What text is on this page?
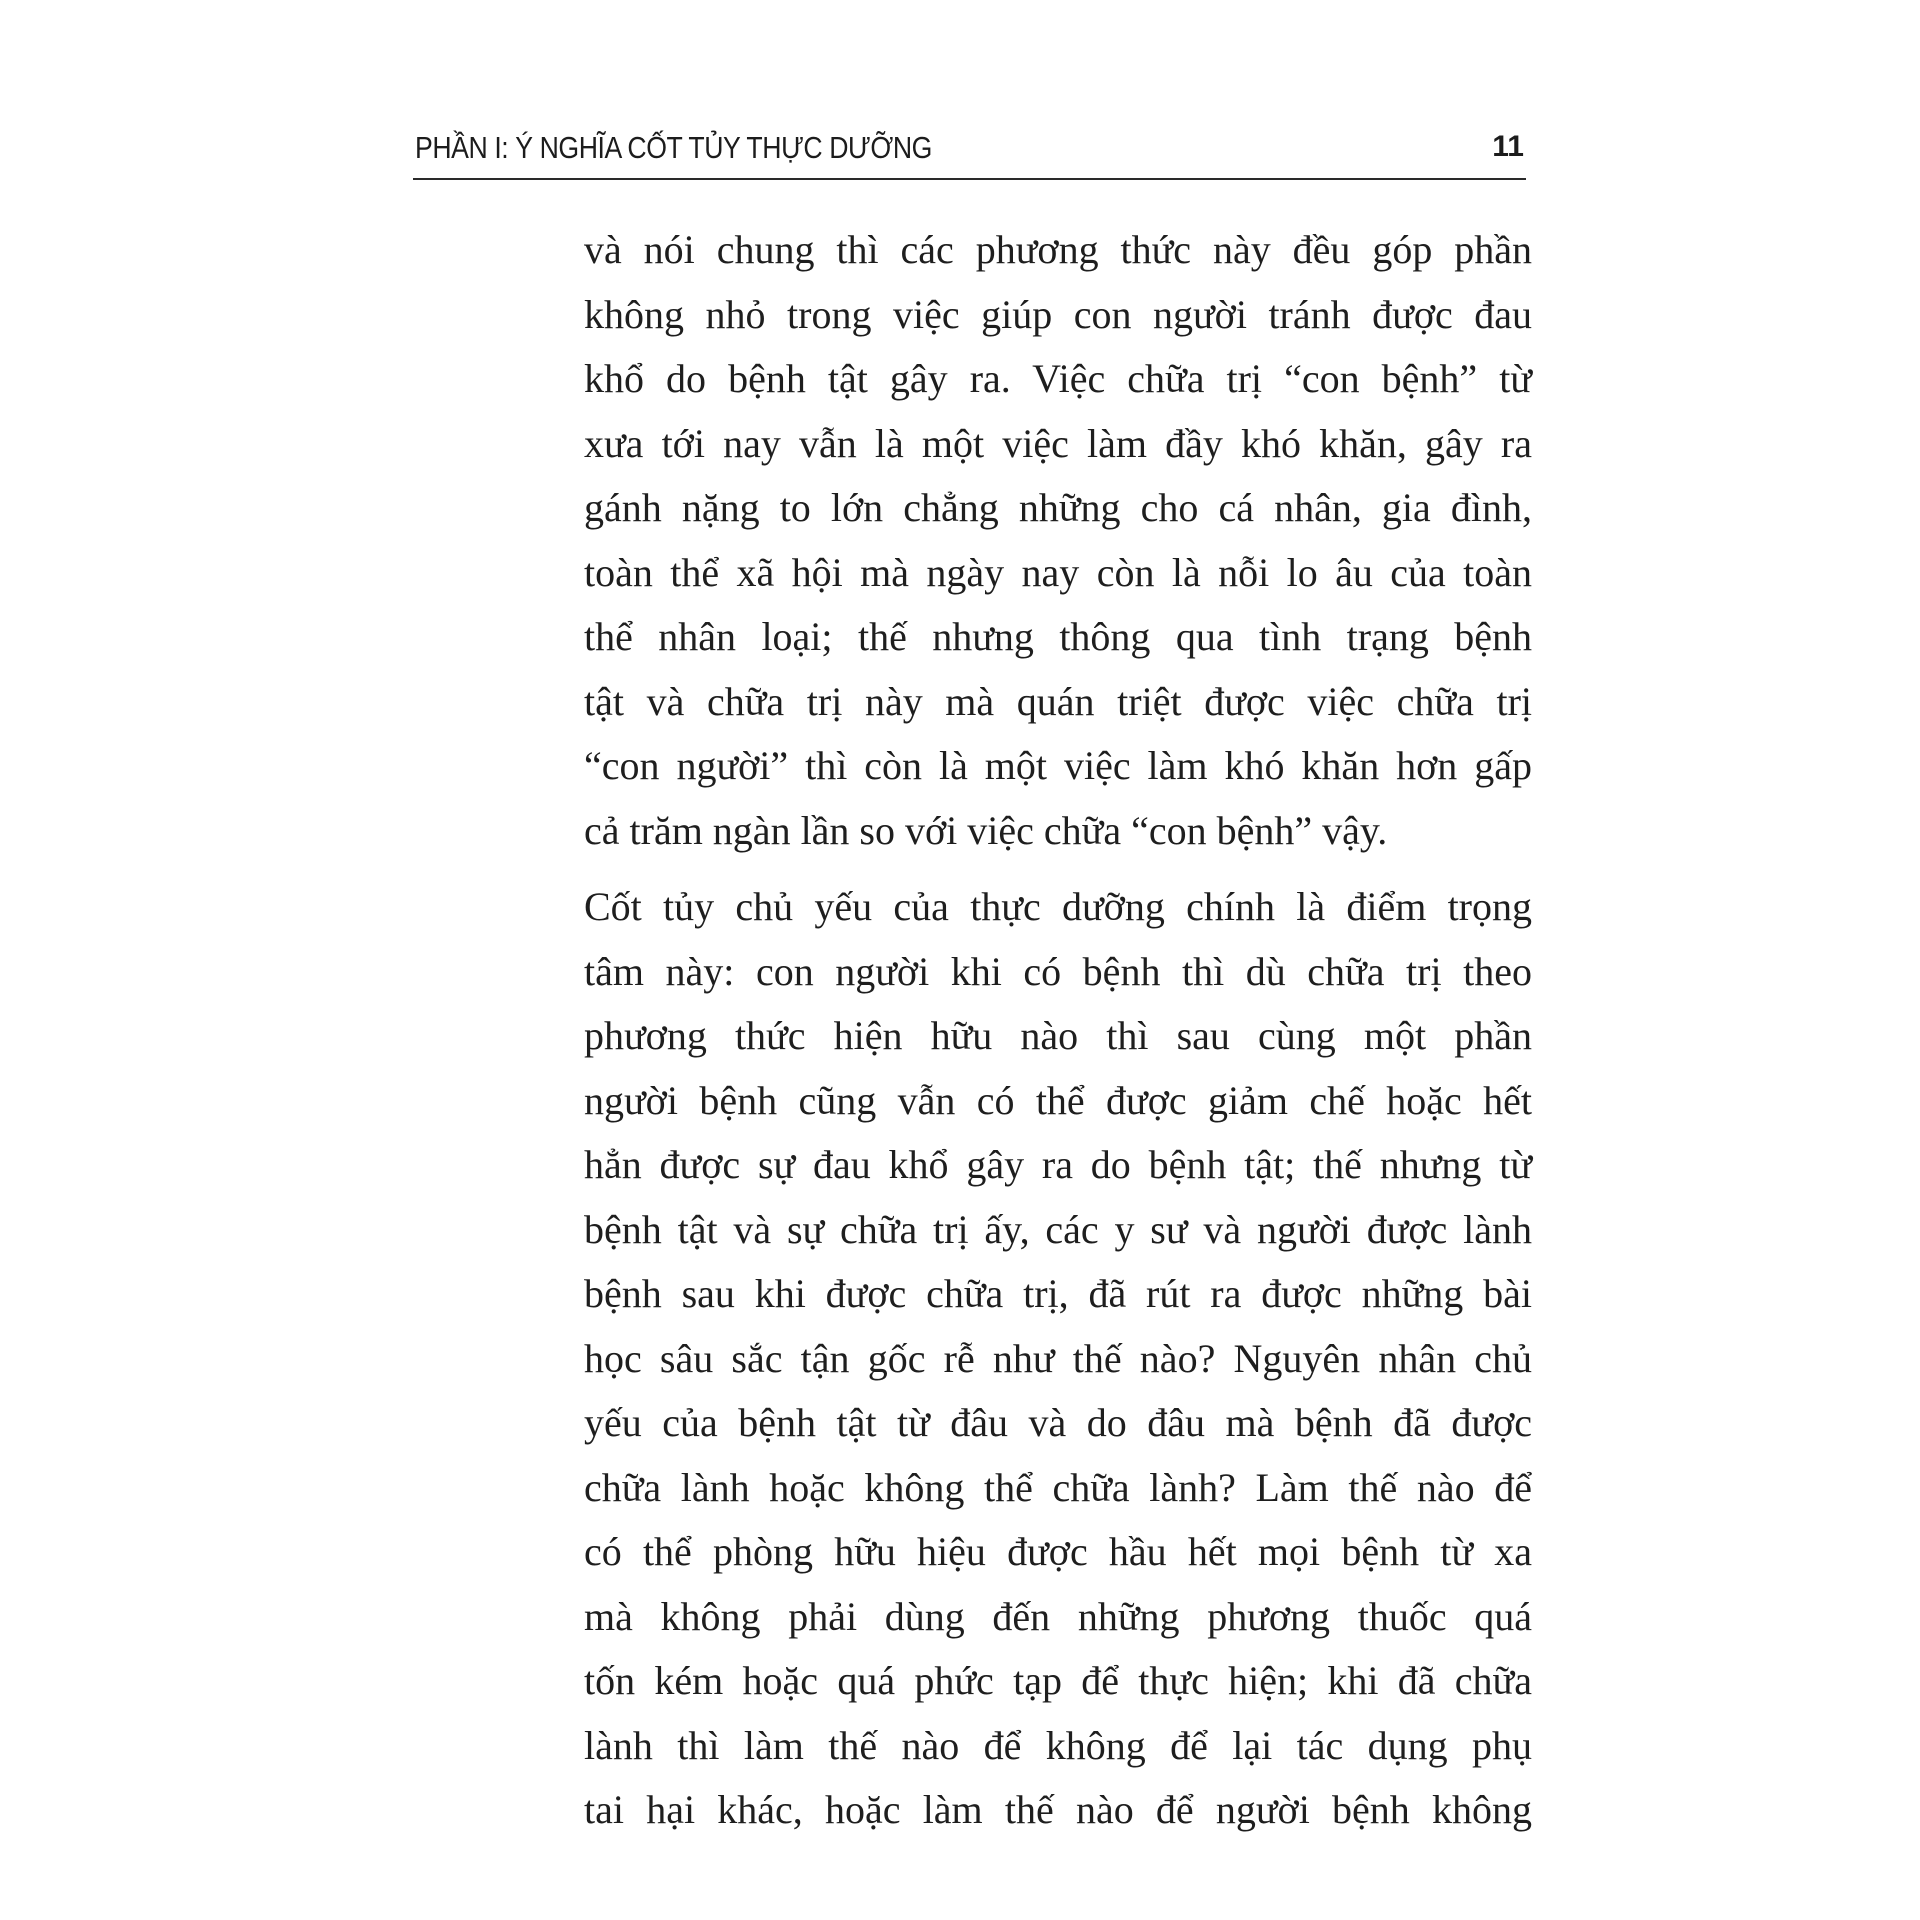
PHẦN I: Ý NGHĨA CỐT TỦY THỰC DƯỠNG	11
và nói chung thì các phương thức này đều góp phần
không nhỏ trong việc giúp con người tránh được đau
khổ do bệnh tật gây ra. Việc chữa trị “con bệnh” từ
xưa tới nay vẫn là một việc làm đầy khó khăn, gây ra
gánh nặng to lớn chẳng những cho cá nhân, gia đình,
toàn thể xã hội mà ngày nay còn là nỗi lo âu của toàn
thể nhân loại; thế nhưng thông qua tình trạng bệnh
tật và chữa trị này mà quán triệt được việc chữa trị
“con người” thì còn là một việc làm khó khăn hơn gấp
cả trăm ngàn lần so với việc chữa “con bệnh” vậy.
Cốt tủy chủ yếu của thực dưỡng chính là điểm trọng
tâm này: con người khi có bệnh thì dù chữa trị theo
phương thức hiện hữu nào thì sau cùng một phần
người bệnh cũng vẫn có thể được giảm chế hoặc hết
hẳn được sự đau khổ gây ra do bệnh tật; thế nhưng từ
bệnh tật và sự chữa trị ấy, các y sư và người được lành
bệnh sau khi được chữa trị, đã rút ra được những bài
học sâu sắc tận gốc rễ như thế nào? Nguyên nhân chủ
yếu của bệnh tật từ đâu và do đâu mà bệnh đã được
chữa lành hoặc không thể chữa lành? Làm thế nào để
có thể phòng hữu hiệu được hầu hết mọi bệnh từ xa
mà không phải dùng đến những phương thuốc quá
tốn kém hoặc quá phức tạp để thực hiện; khi đã chữa
lành thì làm thế nào để không để lại tác dụng phụ
tai hại khác, hoặc làm thế nào để người bệnh không
